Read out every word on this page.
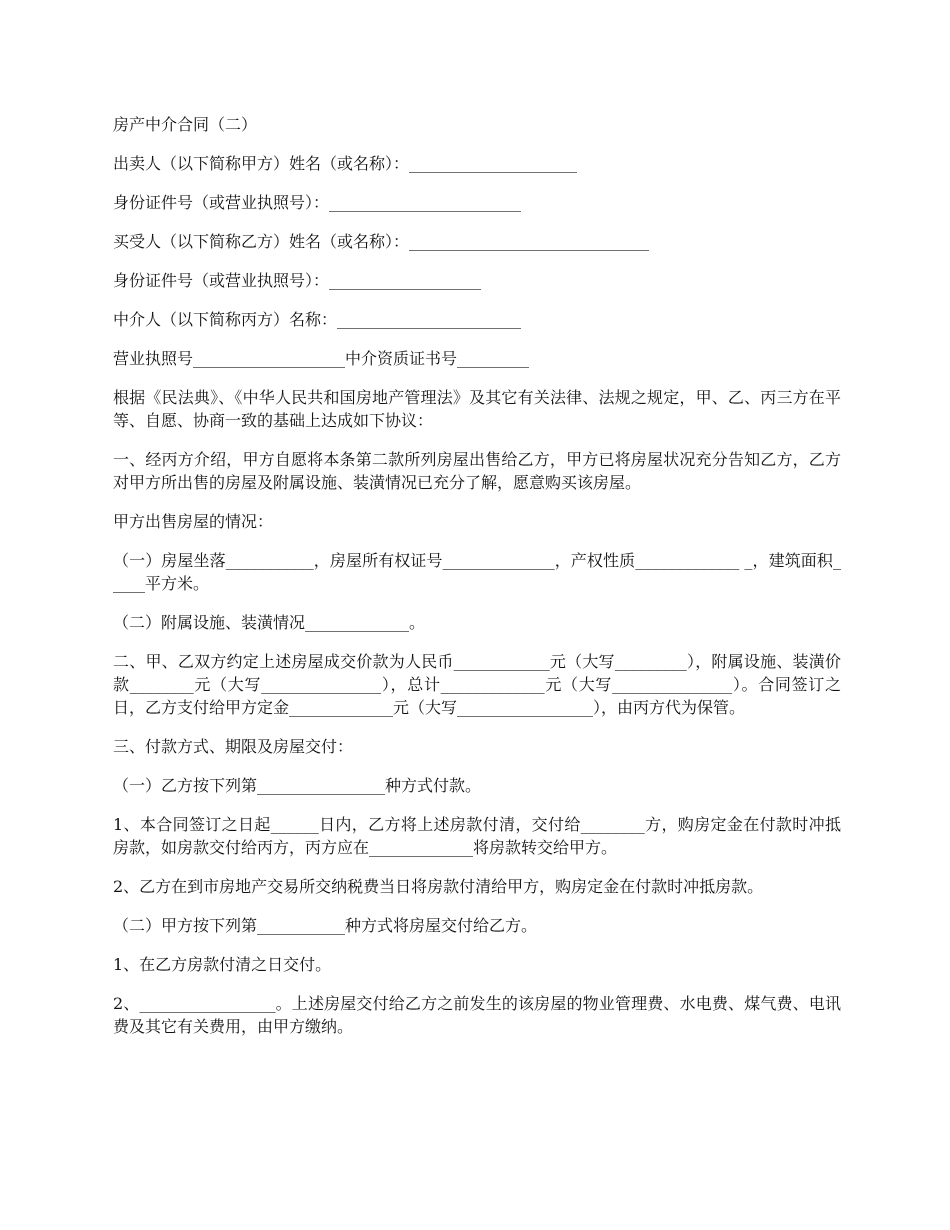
房产中介合同（二）

出卖人（以下简称甲方）姓名（或名称）：_____________________

身份证件号（或营业执照号）：________________________

买受人（以下简称乙方）姓名（或名称）：______________________________

身份证件号（或营业执照号）：___________________

中介人（以下简称丙方）名称：_______________________

营业执照号___________________中介资质证书号_________

根据《民法典》、《中华人民共和国房地产管理法》及其它有关法律、法规之规定，甲、乙、丙三方在平等、自愿、协商一致的基础上达成如下协议：

一、经丙方介绍，甲方自愿将本条第二款所列房屋出售给乙方，甲方已将房屋状况充分告知乙方，乙方对甲方所出售的房屋及附属设施、装潢情况已充分了解，愿意购买该房屋。

甲方出售房屋的情况：

（一）房屋坐落___________，房屋所有权证号______________，产权性质_____________ _，建筑面积_____平方米。

（二）附属设施、装潢情况_____________。

二、甲、乙双方约定上述房屋成交价款为人民币____________元（大写_________），附属设施、装潢价款________元（大写_______________），总计_____________元（大写_______________）。合同签订之日，乙方支付给甲方定金_____________元（大写_________________），由丙方代为保管。

三、付款方式、期限及房屋交付：

（一）乙方按下列第________________种方式付款。

1、本合同签订之日起______日内，乙方将上述房款付清，交付给________方，购房定金在付款时冲抵房款，如房款交付给丙方，丙方应在_____________将房款转交给甲方。

2、乙方在到市房地产交易所交纳税费当日将房款付清给甲方，购房定金在付款时冲抵房款。

（二）甲方按下列第___________种方式将房屋交付给乙方。

1、在乙方房款付清之日交付。

2、_________________。上述房屋交付给乙方之前发生的该房屋的物业管理费、水电费、煤气费、电讯费及其它有关费用，由甲方缴纳。
